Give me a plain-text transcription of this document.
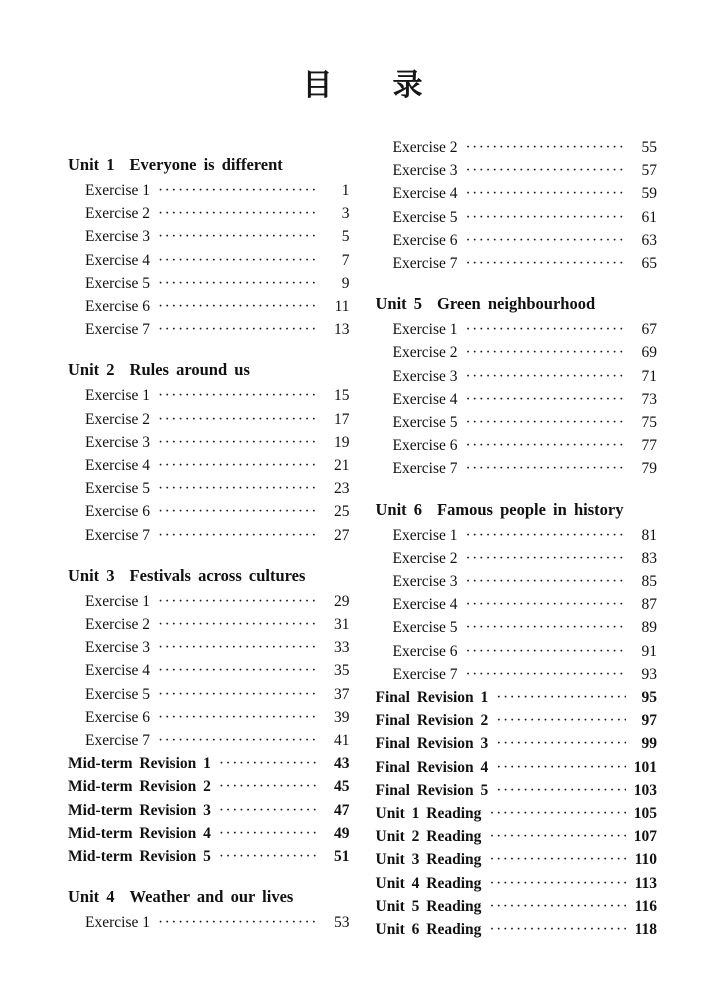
目　　录
Unit 1 Everyone is different
Exercise 1 ·····	1
Exercise 2 ·····	3
Exercise 3 ·····	5
Exercise 4 ·····	7
Exercise 5 ·····	9
Exercise 6 ·····	11
Exercise 7 ·····	13
Unit 2 Rules around us
Exercise 1 ·····	15
Exercise 2 ·····	17
Exercise 3 ·····	19
Exercise 4 ·····	21
Exercise 5 ·····	23
Exercise 6 ·····	25
Exercise 7 ·····	27
Unit 3 Festivals across cultures
Exercise 1 ·····	29
Exercise 2 ·····	31
Exercise 3 ·····	33
Exercise 4 ·····	35
Exercise 5 ·····	37
Exercise 6 ·····	39
Exercise 7 ·····	41
Mid-term Revision 1 ·····	43
Mid-term Revision 2 ·····	45
Mid-term Revision 3 ·····	47
Mid-term Revision 4 ·····	49
Mid-term Revision 5 ·····	51
Unit 4 Weather and our lives
Exercise 1 ·····	53
Exercise 2 ·····	55
Exercise 3 ·····	57
Exercise 4 ·····	59
Exercise 5 ·····	61
Exercise 6 ·····	63
Exercise 7 ·····	65
Unit 5 Green neighbourhood
Exercise 1 ·····	67
Exercise 2 ·····	69
Exercise 3 ·····	71
Exercise 4 ·····	73
Exercise 5 ·····	75
Exercise 6 ·····	77
Exercise 7 ·····	79
Unit 6 Famous people in history
Exercise 1 ·····	81
Exercise 2 ·····	83
Exercise 3 ·····	85
Exercise 4 ·····	87
Exercise 5 ·····	89
Exercise 6 ·····	91
Exercise 7 ·····	93
Final Revision 1 ·····	95
Final Revision 2 ·····	97
Final Revision 3 ·····	99
Final Revision 4 ·····	101
Final Revision 5 ·····	103
Unit 1 Reading ·····	105
Unit 2 Reading ·····	107
Unit 3 Reading ·····	110
Unit 4 Reading ·····	113
Unit 5 Reading ·····	116
Unit 6 Reading ·····	118
